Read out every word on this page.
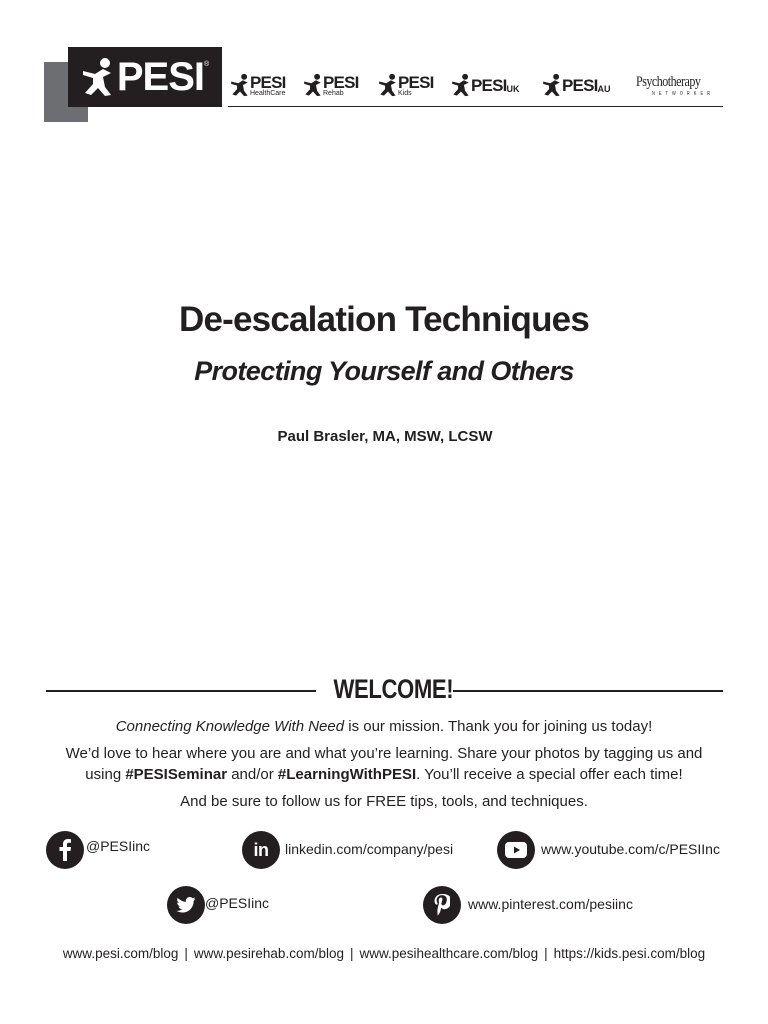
PESI ®
PESI
HealthCare
PESI
Rehab
PESI
Kids	PESI UK PESI AU Psychotherapy
NETWORKER
De-escalation Techniques
Protecting Yourself and Others
Paul Brasler, MA, MSW, LCSW
WELCOME!
Connecting Knowledge With Need is our mission. Thank you for joining us today!
We’d love to hear where you are and what you’re learning. Share your photos by tagging us and using #PESISeminar and/or #LearningWithPESI. You’ll receive a special offer each time!
And be sure to follow us for FREE tips, tools, and techniques.
@PESIinc	in linkedin.com/company/pesi	www.youtube.com/c/PESIInc
@PESIinc	www.pinterest.com/pesiinc
www.pesi.com/blog | www.pesirehab.com/blog | www.pesihealthcare.com/blog | https://kids.pesi.com/blog
